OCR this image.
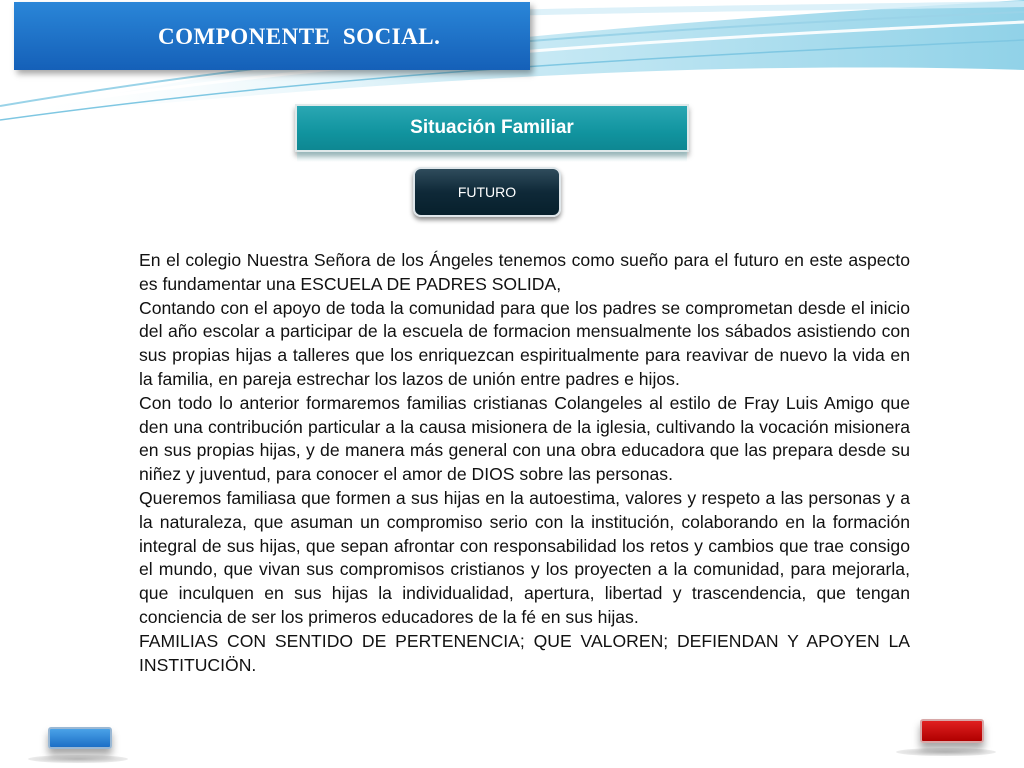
COMPONENTE  SOCIAL.
Situación Familiar
FUTURO

En el colegio Nuestra Señora de los Ángeles tenemos como sueño para el futuro en este aspecto es fundamentar una ESCUELA DE PADRES SOLIDA,

Contando con el apoyo de toda la comunidad para que los padres se comprometan desde el inicio del año escolar a participar de la escuela de formacion mensualmente los sábados asistiendo con sus propias hijas a talleres que los enriquezcan espiritualmente para reavivar de nuevo la vida en la familia, en pareja estrechar los lazos de unión entre padres e hijos.

Con todo lo anterior formaremos familias cristianas Colangeles al estilo de Fray Luis Amigo que den una contribución particular a la causa misionera de la iglesia, cultivando la vocación misionera en sus propias hijas, y de manera más general con una obra educadora que las prepara desde su niñez y juventud, para conocer el amor de DIOS sobre las personas.

Queremos familiasa que formen a sus hijas en la autoestima, valores y respeto a las personas y a la naturaleza, que asuman un compromiso serio con la institución, colaborando en la formación integral de sus hijas, que sepan afrontar con responsabilidad los retos y cambios que trae consigo el mundo, que vivan sus compromisos cristianos y los proyecten a la comunidad, para mejorarla, que inculquen en sus hijas la individualidad, apertura, libertad y trascendencia, que tengan conciencia de ser los primeros educadores de la fé en sus hijas.

FAMILIAS CON SENTIDO DE PERTENENCIA; QUE VALOREN; DEFIENDAN Y APOYEN LA INSTITUCIÖN.
